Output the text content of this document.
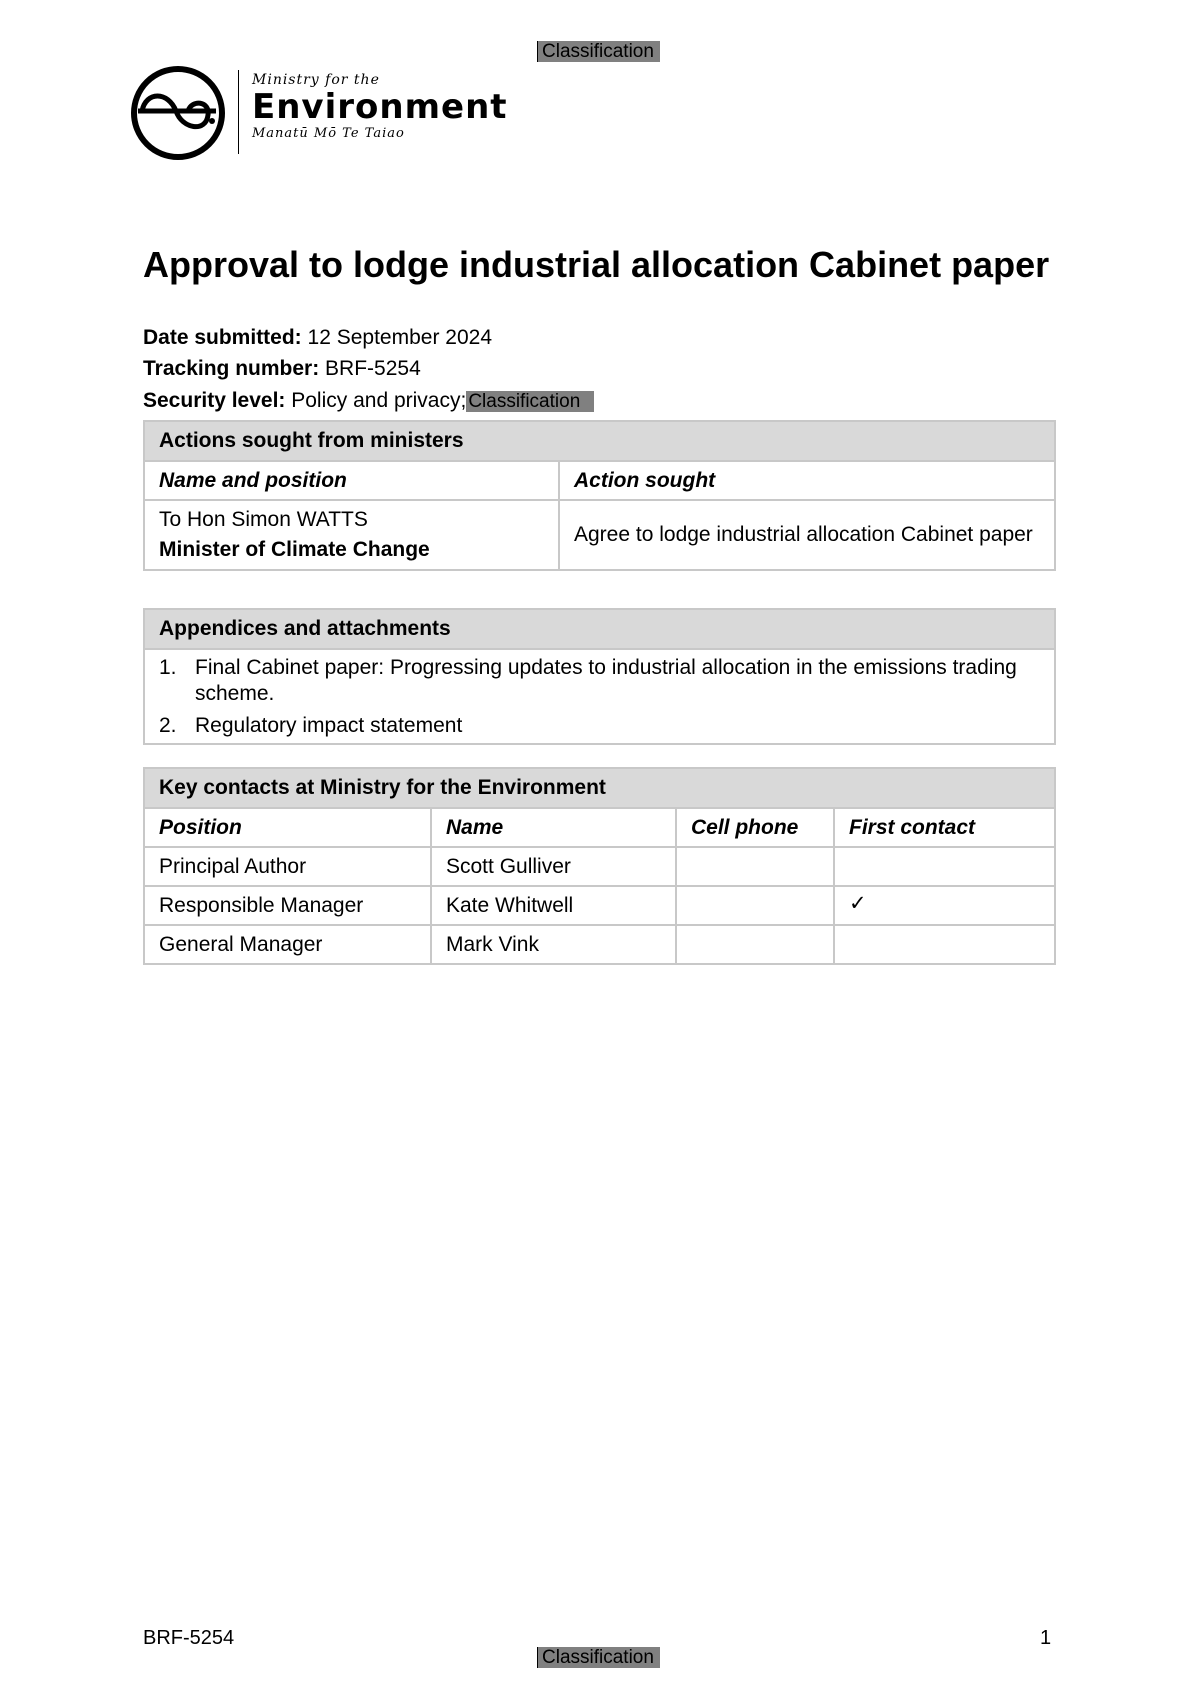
Classification
Ministry for the
Environment
Manatū Mō Te Taiao
Approval to lodge industrial allocation Cabinet paper
Date submitted: 12 September 2024
Tracking number: BRF-5254
Security level: Policy and privacy; Classification
Actions sought from ministers	
Name and position	Action sought

To Hon Simon WATTS
Minister of Climate Change	Agree to lodge industrial allocation Cabinet paper
Appendices and attachments

1. Final Cabinet paper: Progressing updates to industrial allocation in the emissions trading scheme.
2. Regulatory impact statement
Key contacts at Ministry for the Environment			
Position	Name	Cell phone	First contact
Principal Author	Scott Gulliver		
Responsible Manager	Kate Whitwell		✓
General Manager	Mark Vink		
BRF-5254	1
Classification
